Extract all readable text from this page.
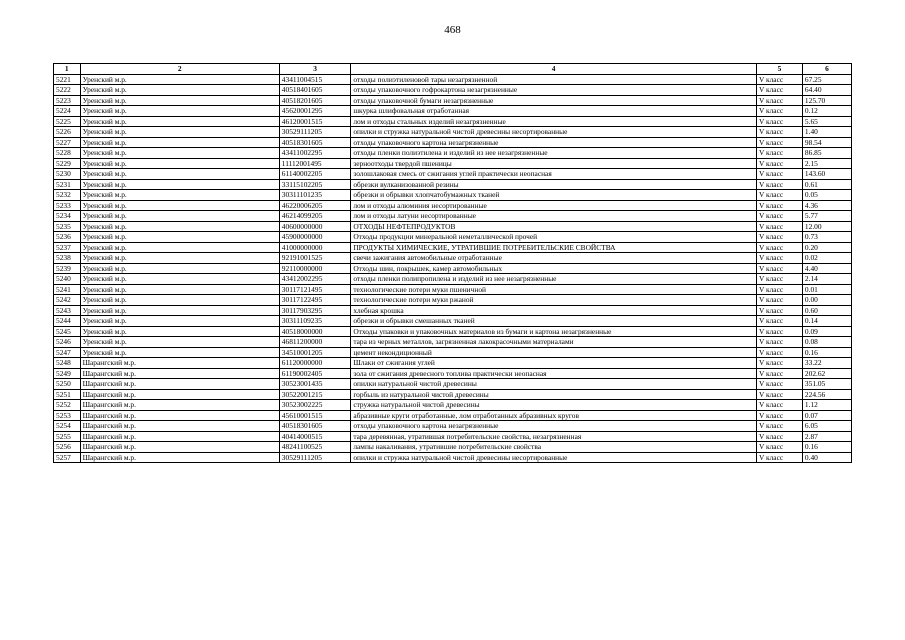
468
1	2	3	4	5	6
5221	Уренский м.р.	43411004515	отходы полиэтиленовой тары незагрязненной	V класс	67.25
5222	Уренский м.р.	40518401605	отходы упаковочного гофрокартона незагрязненные	V класс	64.40
5223	Уренский м.р.	40518201605	отходы упаковочной бумаги незагрязненные	V класс	125.70
5224	Уренский м.р.	45620001295	шкурка шлифовальная отработанная	V класс	0.12
5225	Уренский м.р.	46120001515	лом и отходы стальных изделий незагрязненные	V класс	5.65
5226	Уренский м.р.	30529111205	опилки и стружка натуральной чистой древесины несортированные	V класс	1.40
5227	Уренский м.р.	40518301605	отходы упаковочного картона незагрязненные	V класс	98.54
5228	Уренский м.р.	43411002295	отходы пленки полиэтилена и изделий из нее незагрязненные	V класс	86.85
5229	Уренский м.р.	11112001495	зерноотходы твердой пшеницы	V класс	2.15
5230	Уренский м.р.	61140002205	золошлаковая смесь от сжигания углей практически неопасная	V класс	143.60
5231	Уренский м.р.	33115102205	обрезки вулканизованной резины	V класс	0.61
5232	Уренский м.р.	30311101235	обрезки и обрывки хлопчатобумажных тканей	V класс	0.05
5233	Уренский м.р.	46220006205	лом и отходы алюминия несортированные	V класс	4.36
5234	Уренский м.р.	46214099205	лом и отходы латуни несортированные	V класс	5.77
5235	Уренский м.р.	40600000000	ОТХОДЫ НЕФТЕПРОДУКТОВ	V класс	12.00
5236	Уренский м.р.	45900000000	Отходы продукции минеральной неметаллической прочей	V класс	0.73
5237	Уренский м.р.	41000000000	ПРОДУКТЫ ХИМИЧЕСКИЕ, УТРАТИВШИЕ ПОТРЕБИТЕЛЬСКИЕ СВОЙСТВА	V класс	0.20
5238	Уренский м.р.	92191001525	свечи зажигания автомобильные отработанные	V класс	0.02
5239	Уренский м.р.	92110000000	Отходы шин, покрышек, камер автомобильных	V класс	4.40
5240	Уренский м.р.	43412002295	отходы пленки полипропилена и изделий из нее незагрязненные	V класс	2.14
5241	Уренский м.р.	30117121495	технологические потери муки пшеничной	V класс	0.01
5242	Уренский м.р.	30117122495	технологические потери муки ржаной	V класс	0.00
5243	Уренский м.р.	30117903295	хлебная крошка	V класс	0.60
5244	Уренский м.р.	30311109235	обрезки и обрывки смешанных тканей	V класс	0.14
5245	Уренский м.р.	40518000000	Отходы упаковки и упаковочных материалов из бумаги и картона незагрязненные	V класс	0.09
5246	Уренский м.р.	46811200000	тара из черных металлов, загрязненная лакокрасочными материалами	V класс	0.08
5247	Уренский м.р.	34510001205	цемент некондиционный	V класс	0.16
5248	Шарангский м.р.	61120000000	Шлаки от сжигания углей	V класс	33.22
5249	Шарангский м.р.	61190002405	зола от сжигания древесного топлива практически неопасная	V класс	202.62
5250	Шарангский м.р.	30523001435	опилки натуральной чистой древесины	V класс	351.05
5251	Шарангский м.р.	30522001215	горбыль из натуральной чистой древесины	V класс	224.56
5252	Шарангский м.р.	30523002225	стружка натуральной чистой древесины	V класс	1.12
5253	Шарангский м.р.	45610001515	абразивные круги отработанные, лом отработанных абразивных кругов	V класс	0.07
5254	Шарангский м.р.	40518301605	отходы упаковочного картона незагрязненные	V класс	6.05
5255	Шарангский м.р.	40414000515	тара деревянная, утратившая потребительские свойства, незагрязненная	V класс	2.87
5256	Шарангский м.р.	48241100525	лампы накаливания, утратившие потребительские свойства	V класс	0.16
5257	Шарангский м.р.	30529111205	опилки и стружка натуральной чистой древесины несортированные	V класс	0.40
